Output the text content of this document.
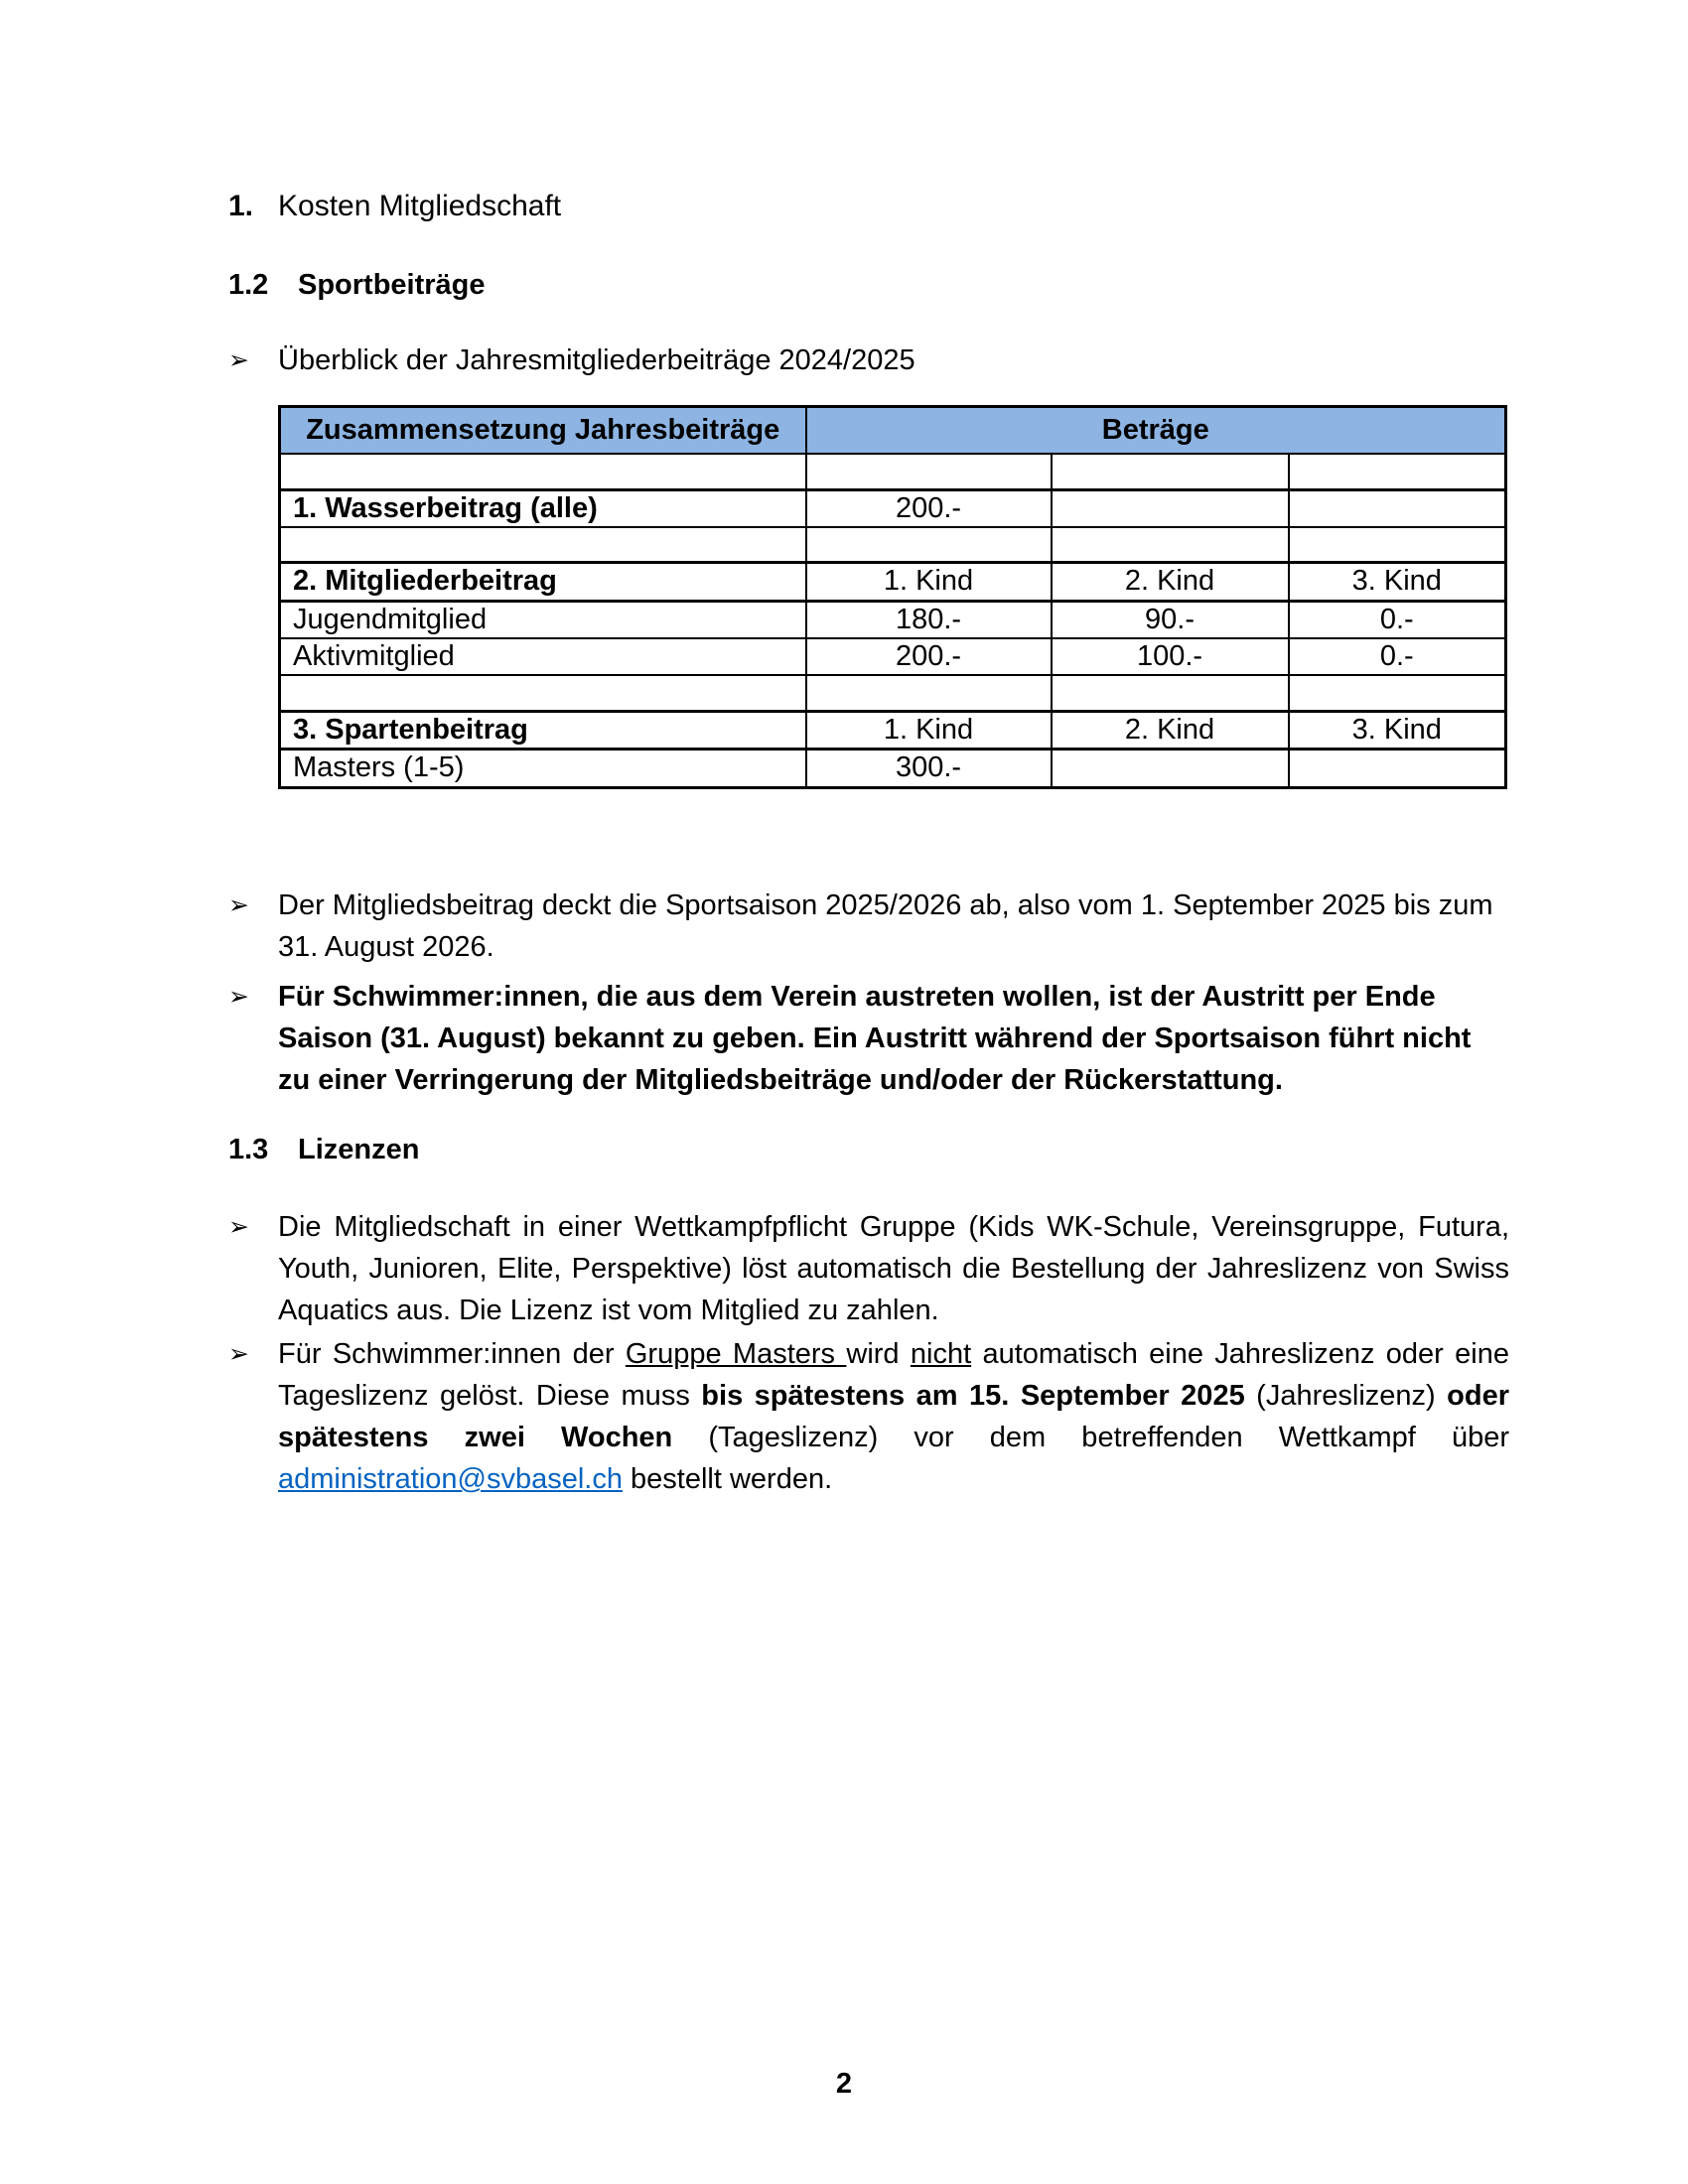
1. Kosten Mitgliedschaft
1.2	Sportbeiträge
➢	Überblick der Jahresmitgliederbeiträge 2024/2025
Zusammensetzung Jahresbeiträge	Beträge		

1. Wasserbeitrag (alle)	200.-		

2. Mitgliederbeitrag	1. Kind	2. Kind	3. Kind
Jugendmitglied	180.-	90.-	0.-
Aktivmitglied	200.-	100.-	0.-

3. Spartenbeitrag	1. Kind	2. Kind	3. Kind
Masters (1-5)	300.-		
➢	Der Mitgliedsbeitrag deckt die Sportsaison 2025/2026 ab, also vom 1. September 2025 bis zum 31. August 2026.
➢	Für Schwimmer:innen, die aus dem Verein austreten wollen, ist der Austritt per Ende Saison (31. August) bekannt zu geben. Ein Austritt während der Sportsaison führt nicht zu einer Verringerung der Mitgliedsbeiträge und/oder der Rückerstattung.
1.3	Lizenzen
➢	Die Mitgliedschaft in einer Wettkampfpflicht Gruppe (Kids WK-Schule, Vereinsgruppe, Futura, Youth, Junioren, Elite, Perspektive) löst automatisch die Bestellung der Jahreslizenz von Swiss Aquatics aus. Die Lizenz ist vom Mitglied zu zahlen.
➢	Für Schwimmer:innen der Gruppe Masters wird nicht automatisch eine Jahreslizenz oder eine Tageslizenz gelöst. Diese muss bis spätestens am 15. September 2025 (Jahreslizenz) oder spätestens zwei Wochen (Tageslizenz) vor dem betreffenden Wettkampf über administration@svbasel.ch bestellt werden.
2
